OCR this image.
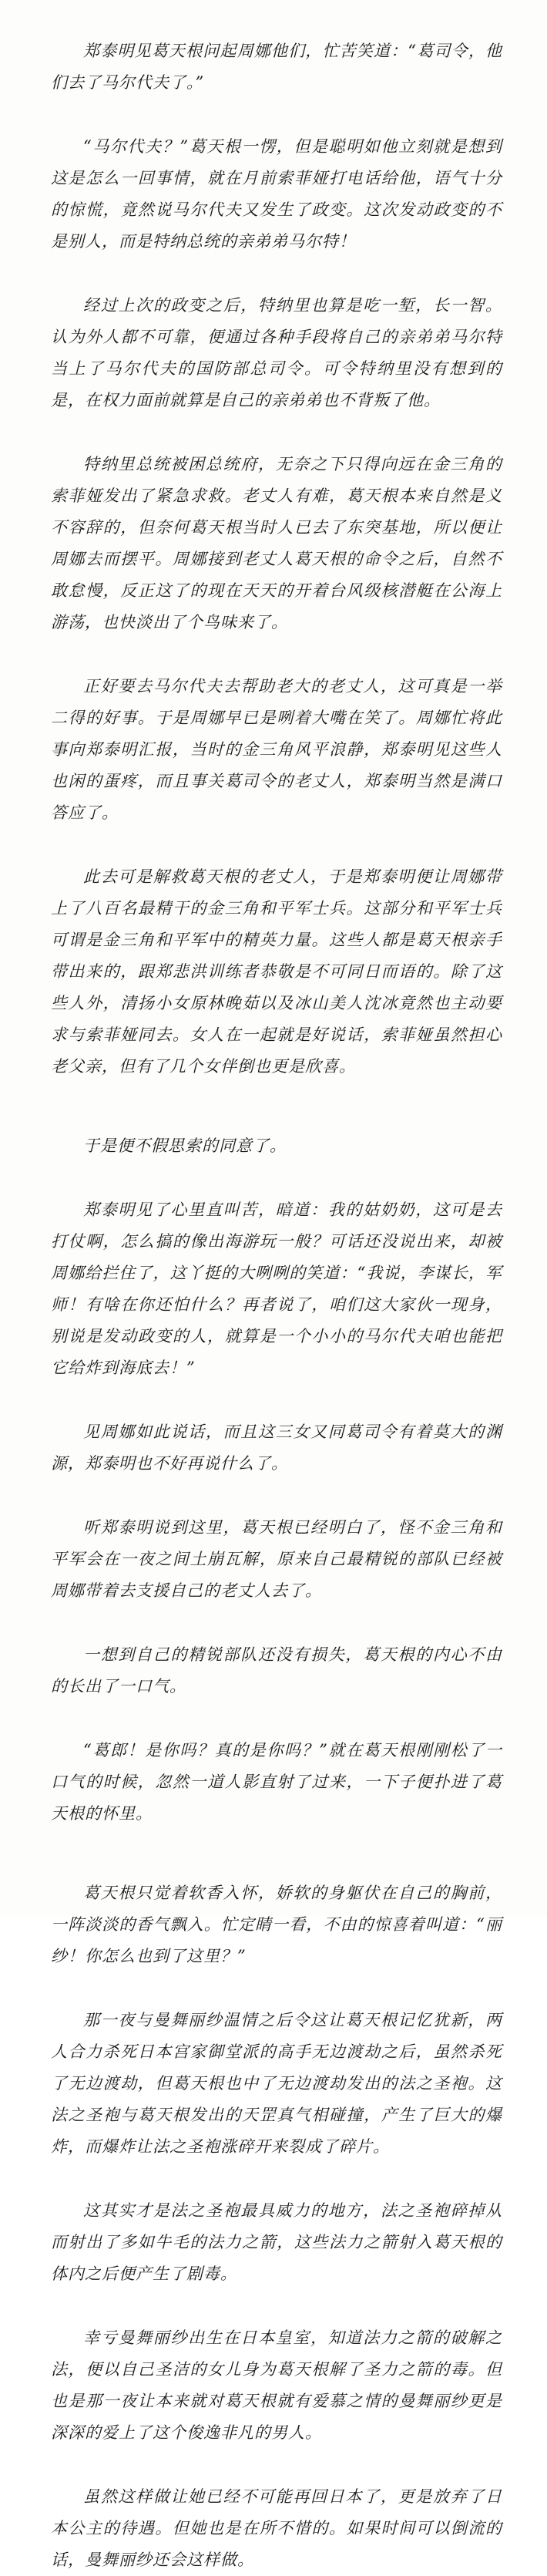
郑泰明见葛天根问起周娜他们，忙苦笑道：“葛司令，他们去了马尔代夫了。”

“马尔代夫？”葛天根一愣，但是聪明如他立刻就是想到这是怎么一回事情，就在月前索菲娅打电话给他，语气十分的惊慌，竟然说马尔代夫又发生了政变。这次发动政变的不是别人，而是特纳总统的亲弟弟马尔特！

经过上次的政变之后，特纳里也算是吃一堑，长一智。认为外人都不可靠，便通过各种手段将自己的亲弟弟马尔特当上了马尔代夫的国防部总司令。可令特纳里没有想到的是，在权力面前就算是自己的亲弟弟也不背叛了他。

特纳里总统被困总统府，无奈之下只得向远在金三角的索菲娅发出了紧急求救。老丈人有难，葛天根本来自然是义不容辞的，但奈何葛天根当时人已去了东突基地，所以便让周娜去而摆平。周娜接到老丈人葛天根的命令之后，自然不敢怠慢，反正这了的现在天天的开着台风级核潜艇在公海上游荡，也快淡出了个鸟味来了。

正好要去马尔代夫去帮助老大的老丈人，这可真是一举二得的好事。于是周娜早已是咧着大嘴在笑了。周娜忙将此事向郑泰明汇报，当时的金三角风平浪静，郑泰明见这些人也闲的蛋疼，而且事关葛司令的老丈人，郑泰明当然是满口答应了。

此去可是解救葛天根的老丈人，于是郑泰明便让周娜带上了八百名最精干的金三角和平军士兵。这部分和平军士兵可谓是金三角和平军中的精英力量。这些人都是葛天根亲手带出来的，跟郑悲洪训练者恭敬是不可同日而语的。除了这些人外，清扬小女原林晚茹以及冰山美人沈冰竟然也主动要求与索菲娅同去。女人在一起就是好说话，索菲娅虽然担心老父亲，但有了几个女伴倒也更是欣喜。

于是便不假思索的同意了。

郑泰明见了心里直叫苦，暗道：我的姑奶奶，这可是去打仗啊，怎么搞的像出海游玩一般？可话还没说出来，却被周娜给拦住了，这丫挺的大咧咧的笑道：“我说，李谋长，军师！有啥在你还怕什么？再者说了，咱们这大家伙一现身，别说是发动政变的人，就算是一个小小的马尔代夫咱也能把它给炸到海底去！”

见周娜如此说话，而且这三女又同葛司令有着莫大的渊源，郑泰明也不好再说什么了。

听郑泰明说到这里，葛天根已经明白了，怪不金三角和平军会在一夜之间土崩瓦解，原来自己最精锐的部队已经被周娜带着去支援自己的老丈人去了。

一想到自己的精锐部队还没有损失，葛天根的内心不由的长出了一口气。

“葛郎！是你吗？真的是你吗？”就在葛天根刚刚松了一口气的时候，忽然一道人影直射了过来，一下子便扑进了葛天根的怀里。

葛天根只觉着软香入怀，娇软的身躯伏在自己的胸前，一阵淡淡的香气飘入。忙定睛一看，不由的惊喜着叫道：“丽纱！你怎么也到了这里？”

那一夜与曼舞丽纱温情之后令这让葛天根记忆犹新，两人合力杀死日本宫家御堂派的高手无边渡劫之后，虽然杀死了无边渡劫，但葛天根也中了无边渡劫发出的法之圣袍。这法之圣袍与葛天根发出的天罡真气相碰撞，产生了巨大的爆炸，而爆炸让法之圣袍涨碎开来裂成了碎片。

这其实才是法之圣袍最具威力的地方，法之圣袍碎掉从而射出了多如牛毛的法力之箭，这些法力之箭射入葛天根的体内之后便产生了剧毒。

幸亏曼舞丽纱出生在日本皇室，知道法力之箭的破解之法，便以自己圣洁的女儿身为葛天根解了圣力之箭的毒。但也是那一夜让本来就对葛天根就有爱慕之情的曼舞丽纱更是深深的爱上了这个俊逸非凡的男人。

虽然这样做让她已经不可能再回日本了，更是放弃了日本公主的待遇。但她也是在所不惜的。如果时间可以倒流的话，曼舞丽纱还会这样做。
